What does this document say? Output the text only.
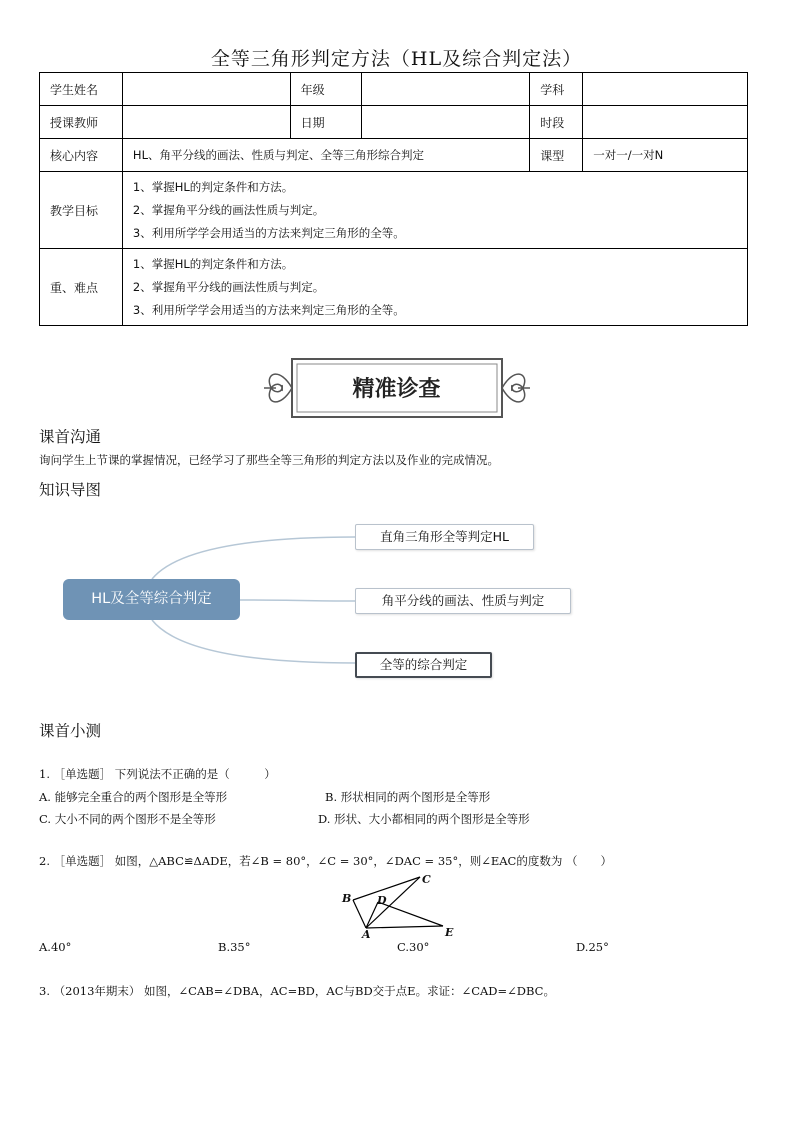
全等三角形判定方法（HL及综合判定法）
学生姓名		年级		学科	
授课教师		日期		时段	
核心内容	HL、角平分线的画法、性质与判定、全等三角形综合判定			课型	一对一/一对N
教学目标	1、掌握HL的判定条件和方法。
2、掌握角平分线的画法性质与判定。
3、利用所学学会用适当的方法来判定三角形的全等。				

重、难点	1、掌握HL的判定条件和方法。
2、掌握角平分线的画法性质与判定。
3、利用所学学会用适当的方法来判定三角形的全等。				
精准诊查
课首沟通
询问学生上节课的掌握情况，已经学习了那些全等三角形的判定方法以及作业的完成情况。
知识导图
HL及全等综合判定
直角三角形全等判定HL
角平分线的画法、性质与判定
全等的综合判定
课首小测
1. ［单选题］ 下列说法不正确的是（　　　）
A. 能够完全重合的两个图形是全等形	B. 形状相同的两个图形是全等形
C. 大小不同的两个图形不是全等形	D. 形状、大小都相同的两个图形是全等形
2. ［单选题］ 如图，△ABC≌ΔADE，若∠B = 80°，∠C = 30°，∠DAC = 35°，则∠EAC的度数为 （　　）
B
C
D
A	E
A.40°	B.35°	C.30°	D.25°
3. （2013年期末） 如图，∠CAB=∠DBA，AC=BD，AC与BD交于点E。求证：∠CAD=∠DBC。
